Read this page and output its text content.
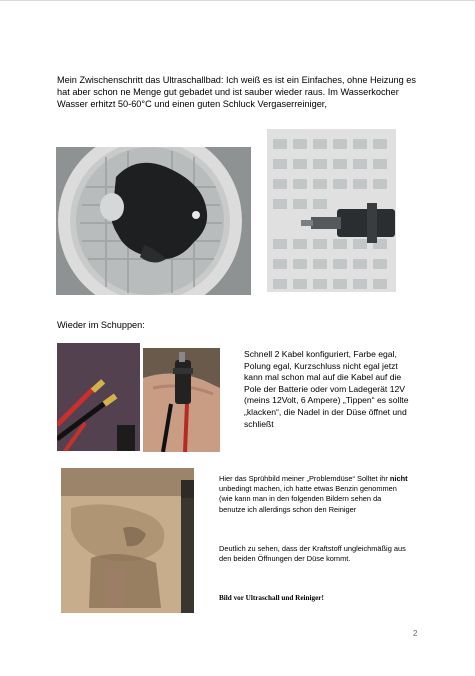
Mein Zwischenschritt das Ultraschallbad: Ich weiß es ist ein Einfaches, ohne Heizung es hat aber schon ne Menge gut gebadet und ist sauber wieder raus. Im Wasserkocher Wasser erhitzt 50-60°C und einen guten Schluck Vergaserreiniger,
Wieder im Schuppen:
Schnell 2 Kabel konfiguriert, Farbe egal, Polung egal, Kurzschluss nicht egal jetzt kann mal schon mal auf die Kabel auf die Pole der Batterie oder vom Ladegerät 12V (meins 12Volt, 6 Ampere) „Tippen“ es sollte „klacken“, die Nadel in der Düse öffnet und schließt
Hier das Sprühbild meiner „Problemdüse“ Solltet ihr nicht unbedingt machen, ich hatte etwas Benzin genommen (wie kann man in den folgenden Bildern sehen da benutze ich allerdings schon den Reiniger
Deutlich zu sehen, dass der Kraftstoff ungleichmäßig aus den beiden Öffnungen der Düse kommt.
Bild vor Ultraschall und Reiniger!
2
